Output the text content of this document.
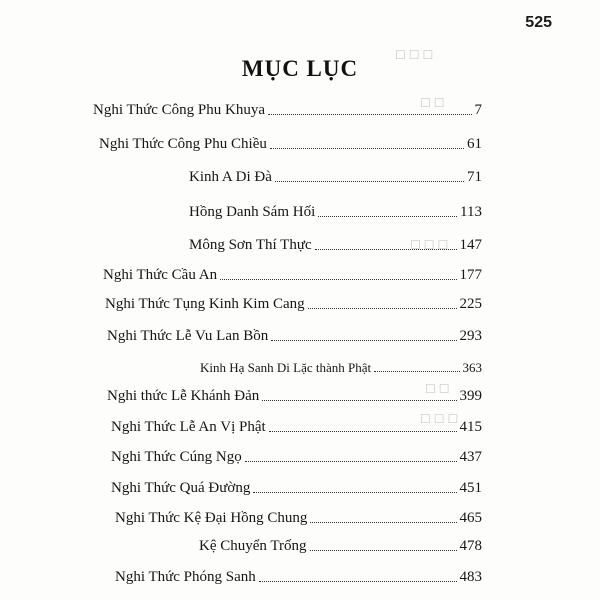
☐ ☐ ☐
☐ ☐
☐ ☐ ☐
☐ ☐
☐ ☐ ☐
525
MỤC LỤC
Nghi Thức Công Phu Khuya	7
Nghi Thức Công Phu Chiều	61
Kinh A Di Đà	71
Hồng Danh Sám Hối	113
Mông Sơn Thí Thực	147
Nghi Thức Cầu An	177
Nghi Thức Tụng Kinh Kim Cang	225
Nghi Thức Lễ Vu Lan Bồn	293
Kinh Hạ Sanh Di Lặc thành Phật	363
Nghi thức Lễ Khánh Đản	399
Nghi Thức Lễ An Vị Phật	415
Nghi Thức Cúng Ngọ	437
Nghi Thức Quá Đường	451
Nghi Thức Kệ Đại Hồng Chung	465
Kệ Chuyển Trống	478
Nghi Thức Phóng Sanh	483
